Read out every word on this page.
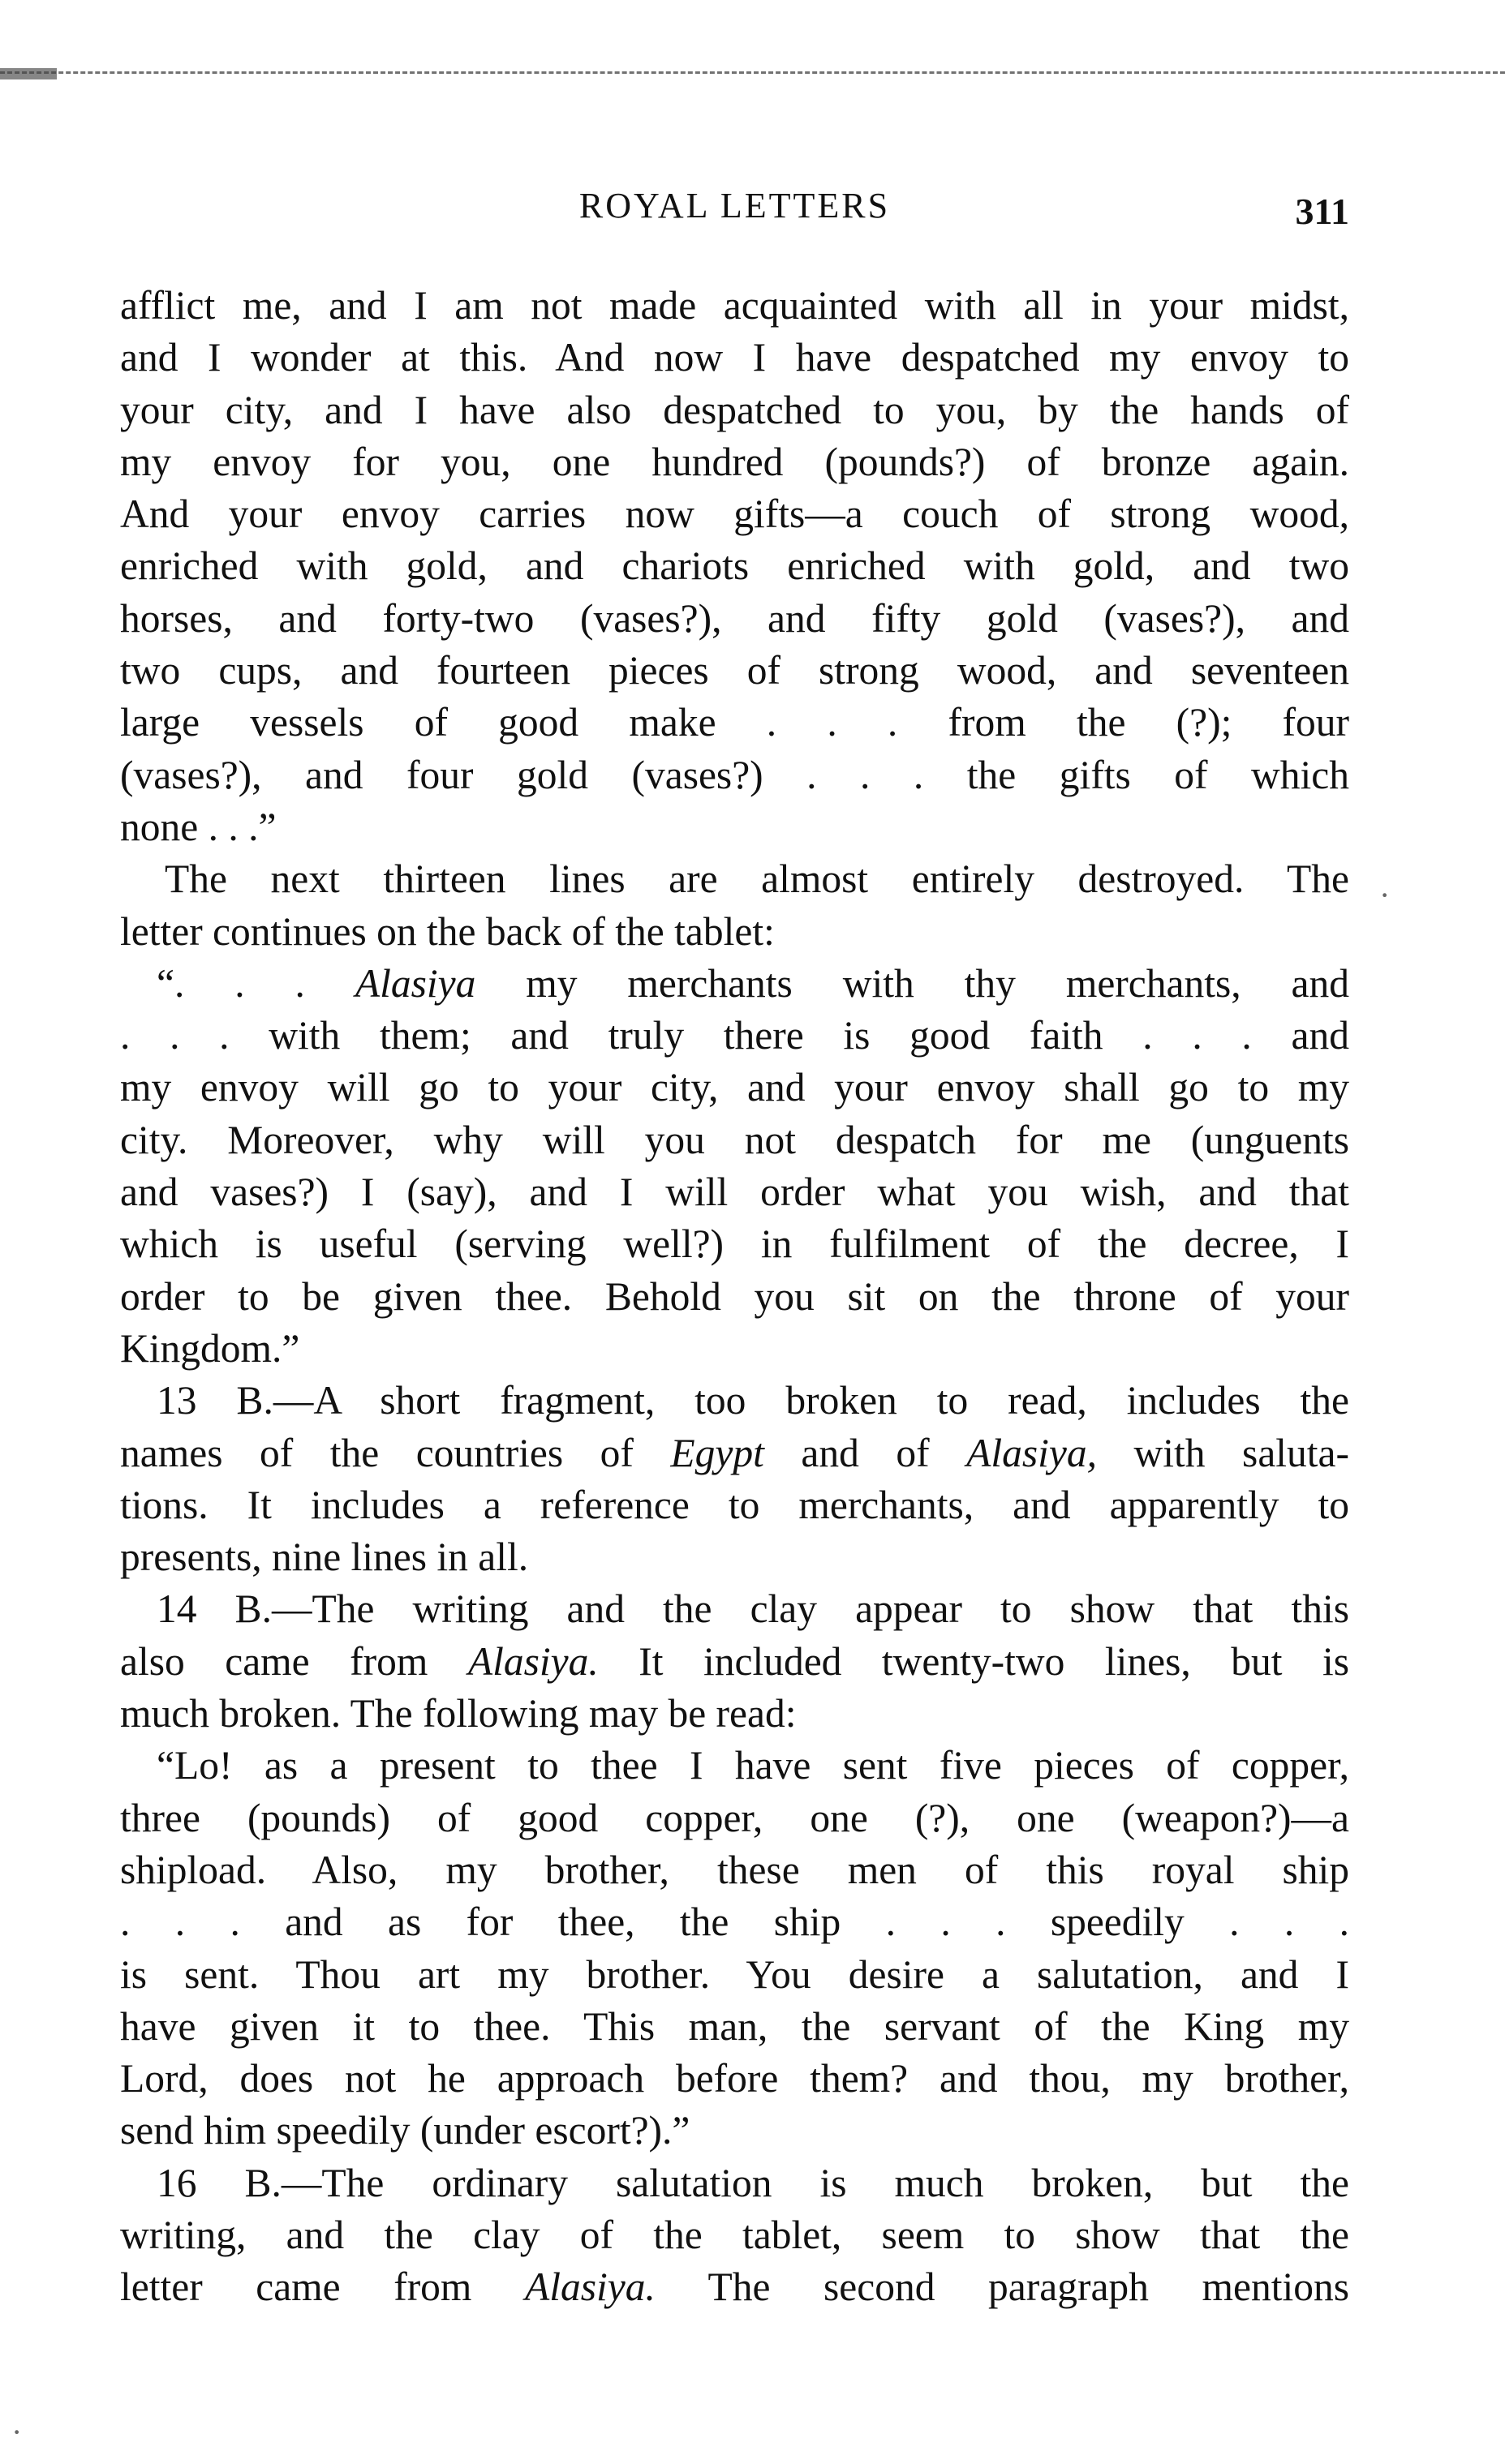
ROYAL LETTERS	311
·
·
afflict me, and I am not made acquainted with all in your midst,
and I wonder at this. And now I have despatched my envoy to
your city, and I have also despatched to you, by the hands of
my envoy for you, one hundred (pounds?) of bronze again.
And your envoy carries now gifts—a couch of strong wood,
enriched with gold, and chariots enriched with gold, and two
horses, and forty-two (vases?), and fifty gold (vases?), and
two cups, and fourteen pieces of strong wood, and seventeen
large vessels of good make . . . from the (?); four
(vases?), and four gold (vases?) . . . the gifts of which
none . . .”
The next thirteen lines are almost entirely destroyed. The
letter continues on the back of the tablet:
“. . . Alasiya my merchants with thy merchants, and
. . . with them; and truly there is good faith . . . and
my envoy will go to your city, and your envoy shall go to my
city. Moreover, why will you not despatch for me (unguents
and vases?) I (say), and I will order what you wish, and that
which is useful (serving well?) in fulfilment of the decree, I
order to be given thee. Behold you sit on the throne of your
Kingdom.”
13 B.—A short fragment, too broken to read, includes the
names of the countries of Egypt and of Alasiya, with saluta-
tions. It includes a reference to merchants, and apparently to
presents, nine lines in all.
14 B.—The writing and the clay appear to show that this
also came from Alasiya. It included twenty-two lines, but is
much broken. The following may be read:
“Lo! as a present to thee I have sent five pieces of copper,
three (pounds) of good copper, one (?), one (weapon?)—a
shipload. Also, my brother, these men of this royal ship
. . . and as for thee, the ship . . . speedily . . .
is sent. Thou art my brother. You desire a salutation, and I
have given it to thee. This man, the servant of the King my
Lord, does not he approach before them? and thou, my brother,
send him speedily (under escort?).”
16 B.—The ordinary salutation is much broken, but the
writing, and the clay of the tablet, seem to show that the
letter came from Alasiya. The second paragraph mentions
